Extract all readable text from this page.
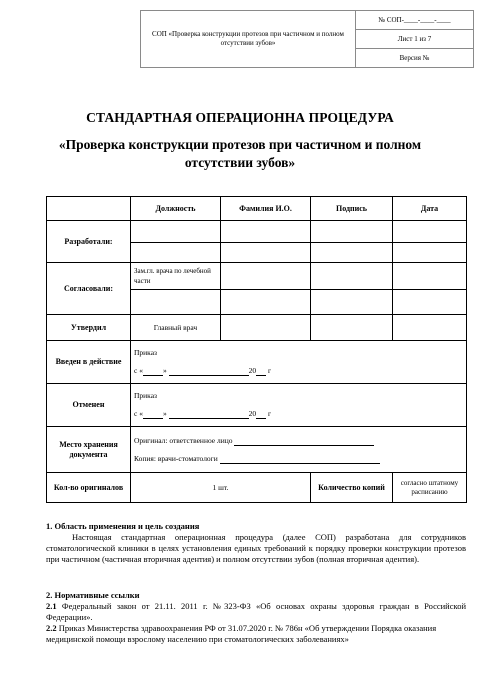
СОП «Проверка конструкции протезов при частичном и полном отсутствии зубов»	№ СОП-____-____-____
Лист 1 из 7
Версия №
СТАНДАРТНАЯ ОПЕРАЦИОННА ПРОЦЕДУРА
«Проверка конструкции протезов при частичном и полном отсутствии зубов»
	Должность	Фамилия И.О.	Подпись	Дата
Разработали:				

Согласовали:	Зам.гл. врача по лечебной части			

Утвердил	Главный врач			
Введен в действие	Приказ
с « » 20 г			

Отменен	Приказ
с « » 20 г			

Место хранения документа	Оригинал: ответственное лицо
Копия: врачи-стоматологи			

Кол-во оригиналов	1 шт.		Количество копий	согласно штатному расписанию

1. Область применения и цель создания

Настоящая стандартная операционная процедура (далее СОП) разработана для сотрудников стоматологической клиники в целях установления единых требований к порядку проверки конструкции протезов при частичном (частичная вторичная адентия) и полном отсутствии зубов (полная вторичная адентия).

2. Нормативные ссылки

2.1 Федеральный закон от 21.11. 2011 г. №323-ФЗ «Об основах охраны здоровья граждан в Российской Федерации».

2.2 Приказ Министерства здравоохранения РФ от 31.07.2020 г. № 786н «Об утверждении Порядка оказания медицинской помощи взрослому населению при стоматологических заболеваниях»
